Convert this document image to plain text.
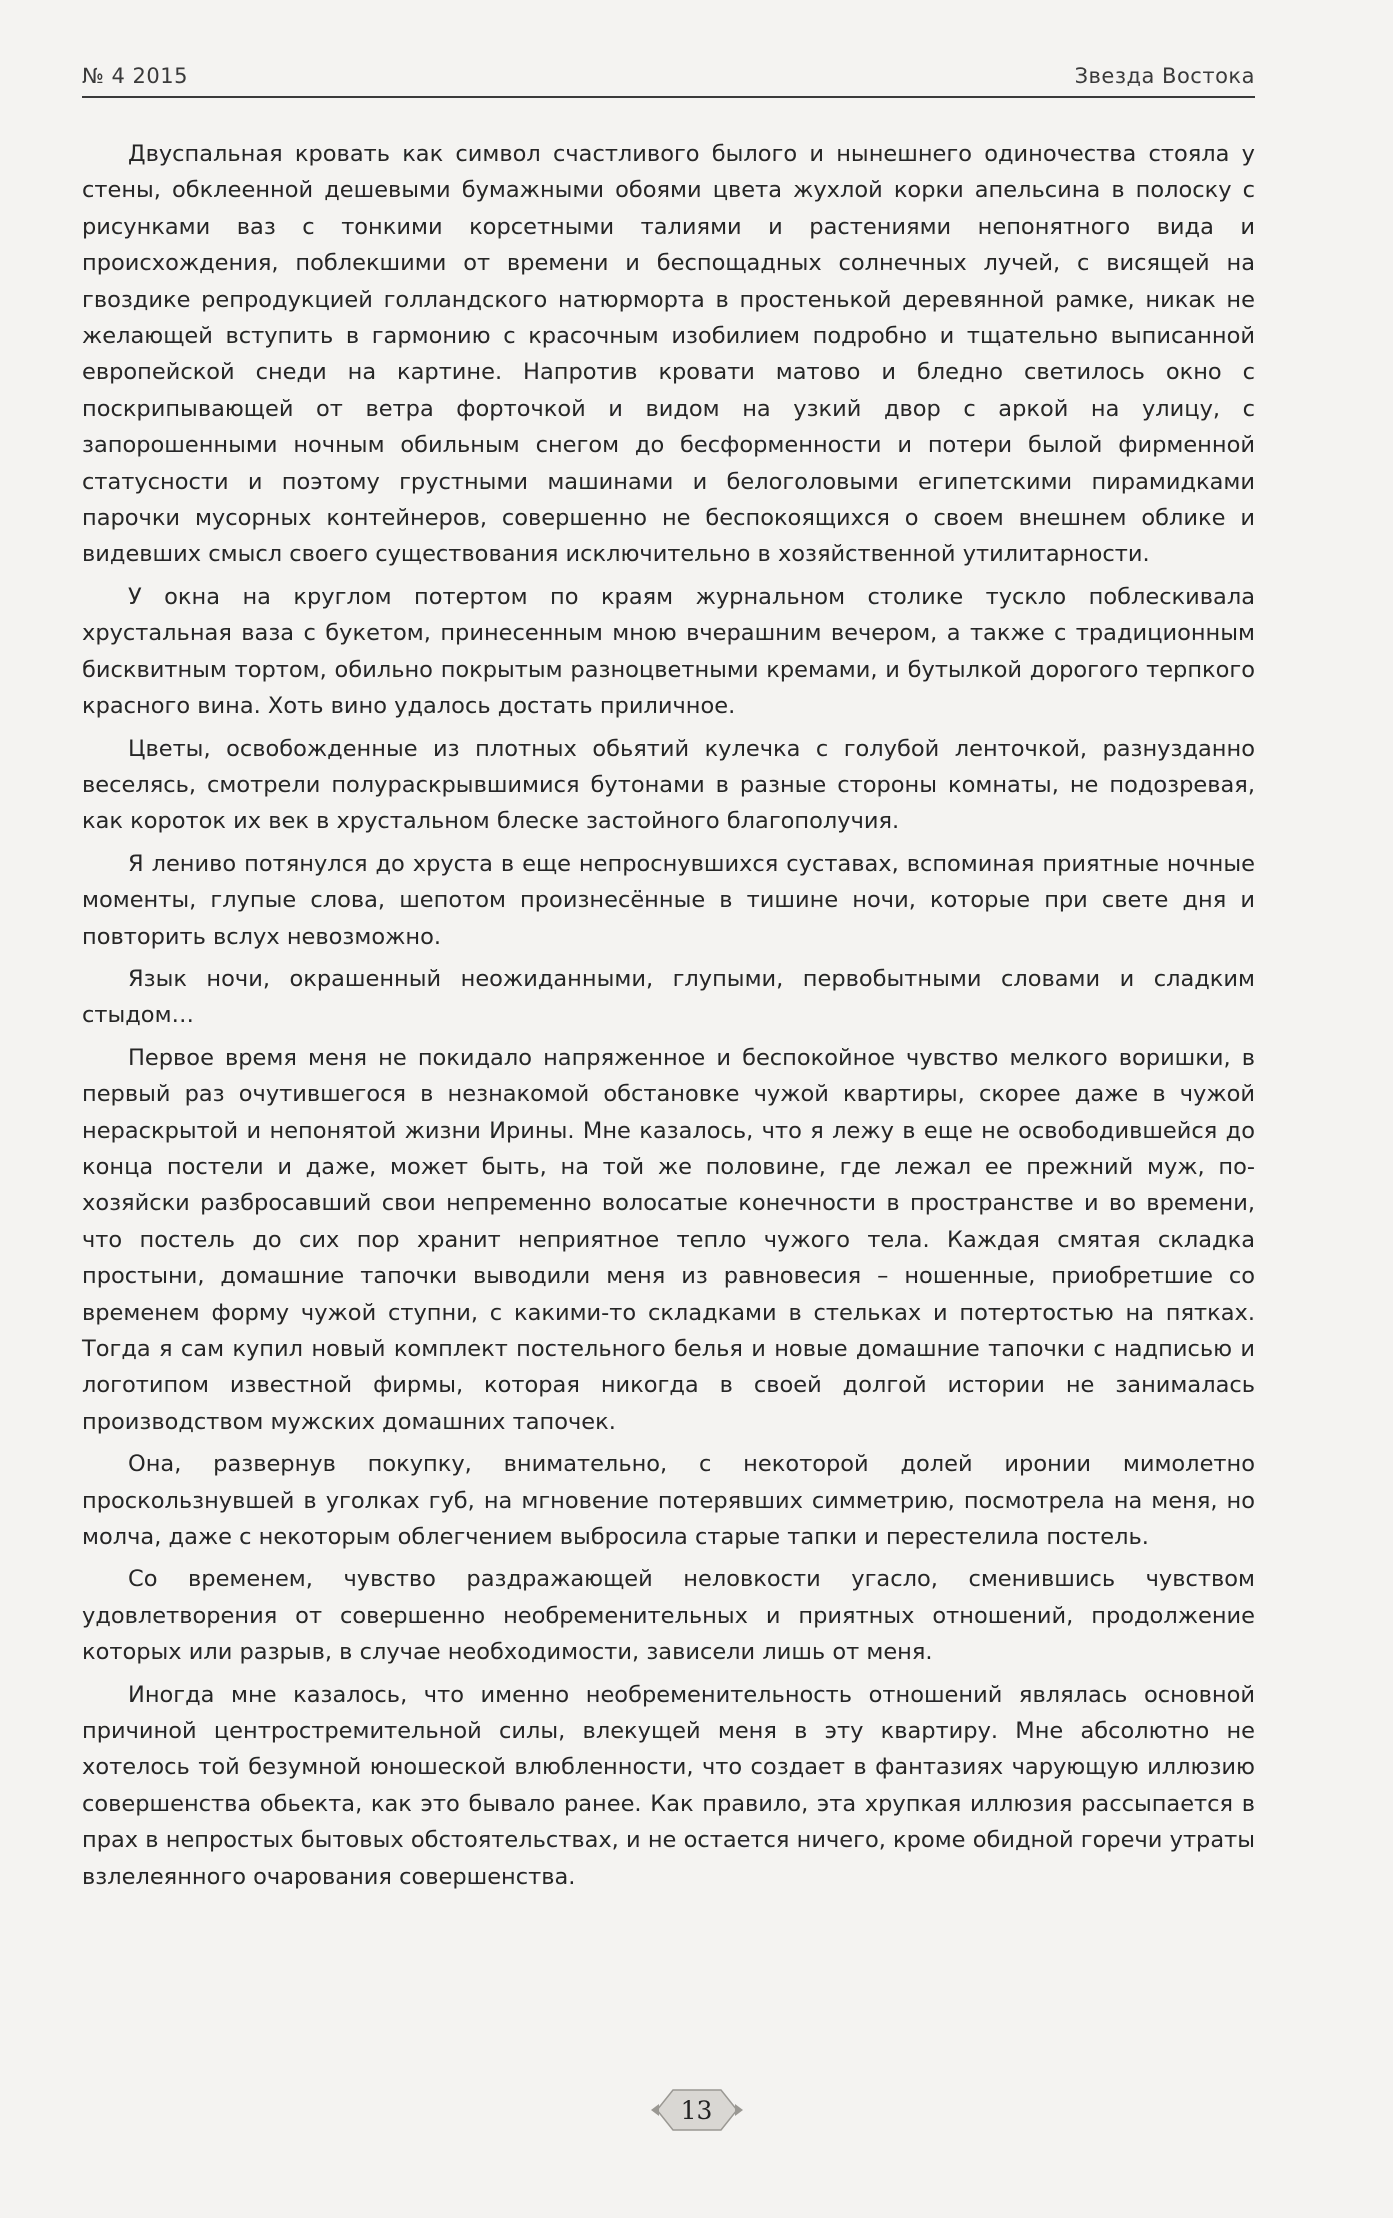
№ 4 2015	Звезда Востока

Двуспальная кровать как символ счастливого былого и нынешнего одиночества стояла у стены, обклеенной дешевыми бумажными обоями цвета жухлой корки апельсина в полоску с рисунками ваз с тонкими корсетными талиями и растениями непонятного вида и происхождения, поблекшими от времени и беспощадных солнечных лучей, с висящей на гвоздике репродукцией голландского натюрморта в простенькой деревянной рамке, никак не желающей вступить в гармонию с красочным изобилием подробно и тщательно выписанной европейской снеди на картине. Напротив кровати матово и бледно светилось окно с поскрипывающей от ветра форточкой и видом на узкий двор с аркой на улицу, с запорошенными ночным обильным снегом до бесформенности и потери былой фирменной статусности и поэтому грустными машинами и белоголовыми египетскими пирамидками парочки мусорных контейнеров, совершенно не беспокоящихся о своем внешнем облике и видевших смысл своего существования исключительно в хозяйственной утилитарности.

У окна на круглом потертом по краям журнальном столике тускло поблескивала хрустальная ваза с букетом, принесенным мною вчерашним вечером, а также с традиционным бисквитным тортом, обильно покрытым разноцветными кремами, и бутылкой дорогого терпкого красного вина. Хоть вино удалось достать приличное.

Цветы, освобожденные из плотных обьятий кулечка с голубой ленточкой, разнузданно веселясь, смотрели полураскрывшимися бутонами в разные стороны комнаты, не подозревая, как короток их век в хрустальном блеске застойного благополучия.

Я лениво потянулся до хруста в еще непроснувшихся суставах, вспоминая приятные ночные моменты, глупые слова, шепотом произнесённые в тишине ночи, которые при свете дня и повторить вслух невозможно.

Язык ночи, окрашенный неожиданными, глупыми, первобытными словами и сладким стыдом…

Первое время меня не покидало напряженное и беспокойное чувство мелкого воришки, в первый раз очутившегося в незнакомой обстановке чужой квартиры, скорее даже в чужой нераскрытой и непонятой жизни Ирины. Мне казалось, что я лежу в еще не освободившейся до конца постели и даже, может быть, на той же половине, где лежал ее прежний муж, по-хозяйски разбросавший свои непременно волосатые конечности в пространстве и во времени, что постель до сих пор хранит неприятное тепло чужого тела. Каждая смятая складка простыни, домашние тапочки выводили меня из равновесия – ношенные, приобретшие со временем форму чужой ступни, с какими-то складками в стельках и потертостью на пятках. Тогда я сам купил новый комплект постельного белья и новые домашние тапочки с надписью и логотипом известной фирмы, которая никогда в своей долгой истории не занималась производством мужских домашних тапочек.

Она, развернув покупку, внимательно, с некоторой долей иронии мимолетно проскользнувшей в уголках губ, на мгновение потерявших симметрию, посмотрела на меня, но молча, даже с некоторым облегчением выбросила старые тапки и перестелила постель.

Со временем, чувство раздражающей неловкости угасло, сменившись чувством удовлетворения от совершенно необременительных и приятных отношений, продолжение которых или разрыв, в случае необходимости, зависели лишь от меня.

Иногда мне казалось, что именно необременительность отношений являлась основной причиной центростремительной силы, влекущей меня в эту квартиру. Мне абсолютно не хотелось той безумной юношеской влюбленности, что создает в фантазиях чарующую иллюзию совершенства обьекта, как это бывало ранее. Как правило, эта хрупкая иллюзия рассыпается в прах в непростых бытовых обстоятельствах, и не остается ничего, кроме обидной горечи утраты взлелеянного очарования совершенства.

13
